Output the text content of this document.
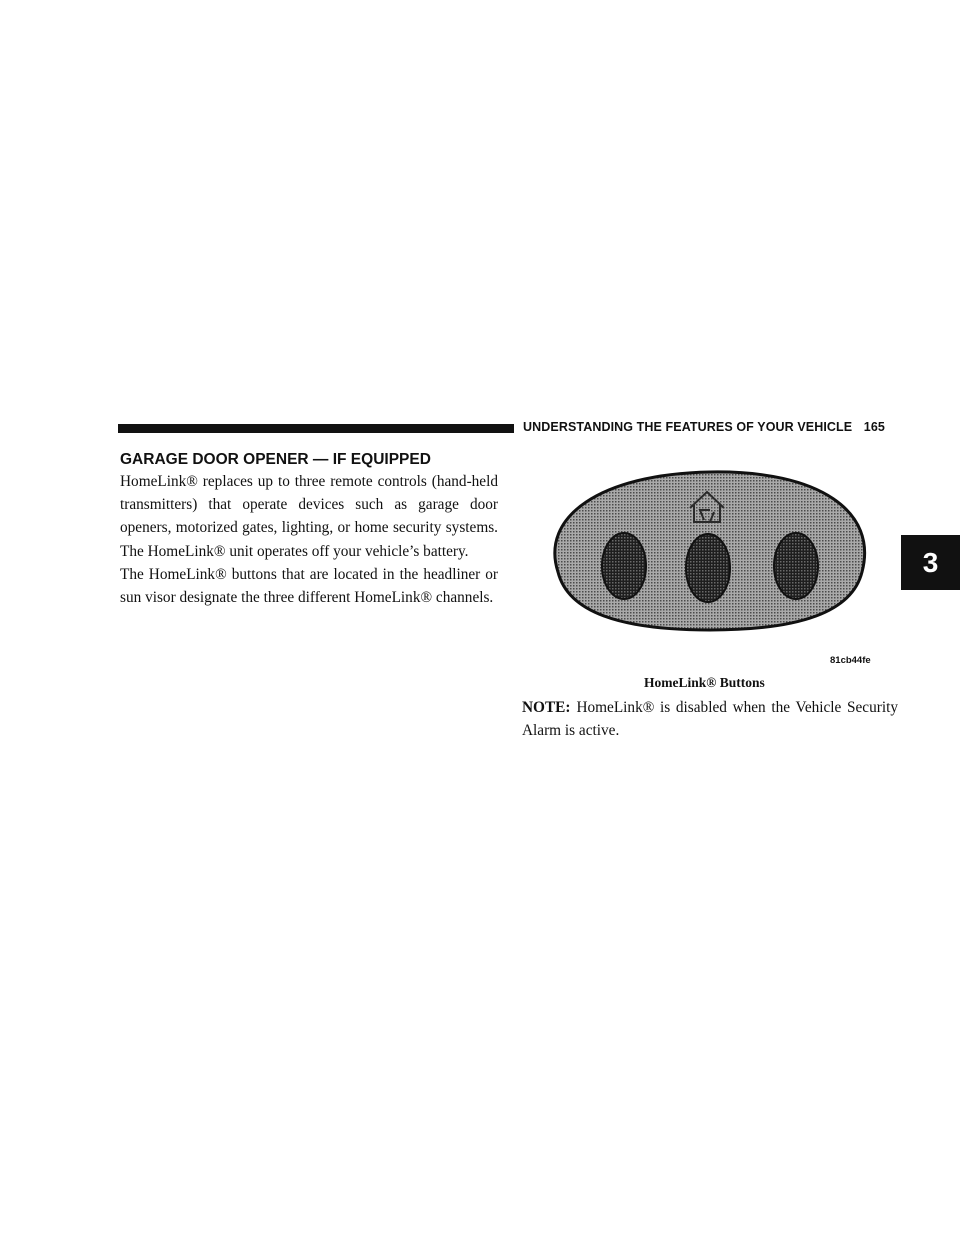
UNDERSTANDING THE FEATURES OF YOUR VEHICLE 165
3
GARAGE DOOR OPENER — IF EQUIPPED

HomeLink® replaces up to three remote controls (hand-held transmitters) that operate devices such as garage door openers, motorized gates, lighting, or home security systems. The HomeLink® unit operates off your vehicle’s battery.

The HomeLink® buttons that are located in the headliner or sun visor designate the three different HomeLink® channels.

81cb44fe
HomeLink® Buttons

NOTE: HomeLink® is disabled when the Vehicle Security Alarm is active.
